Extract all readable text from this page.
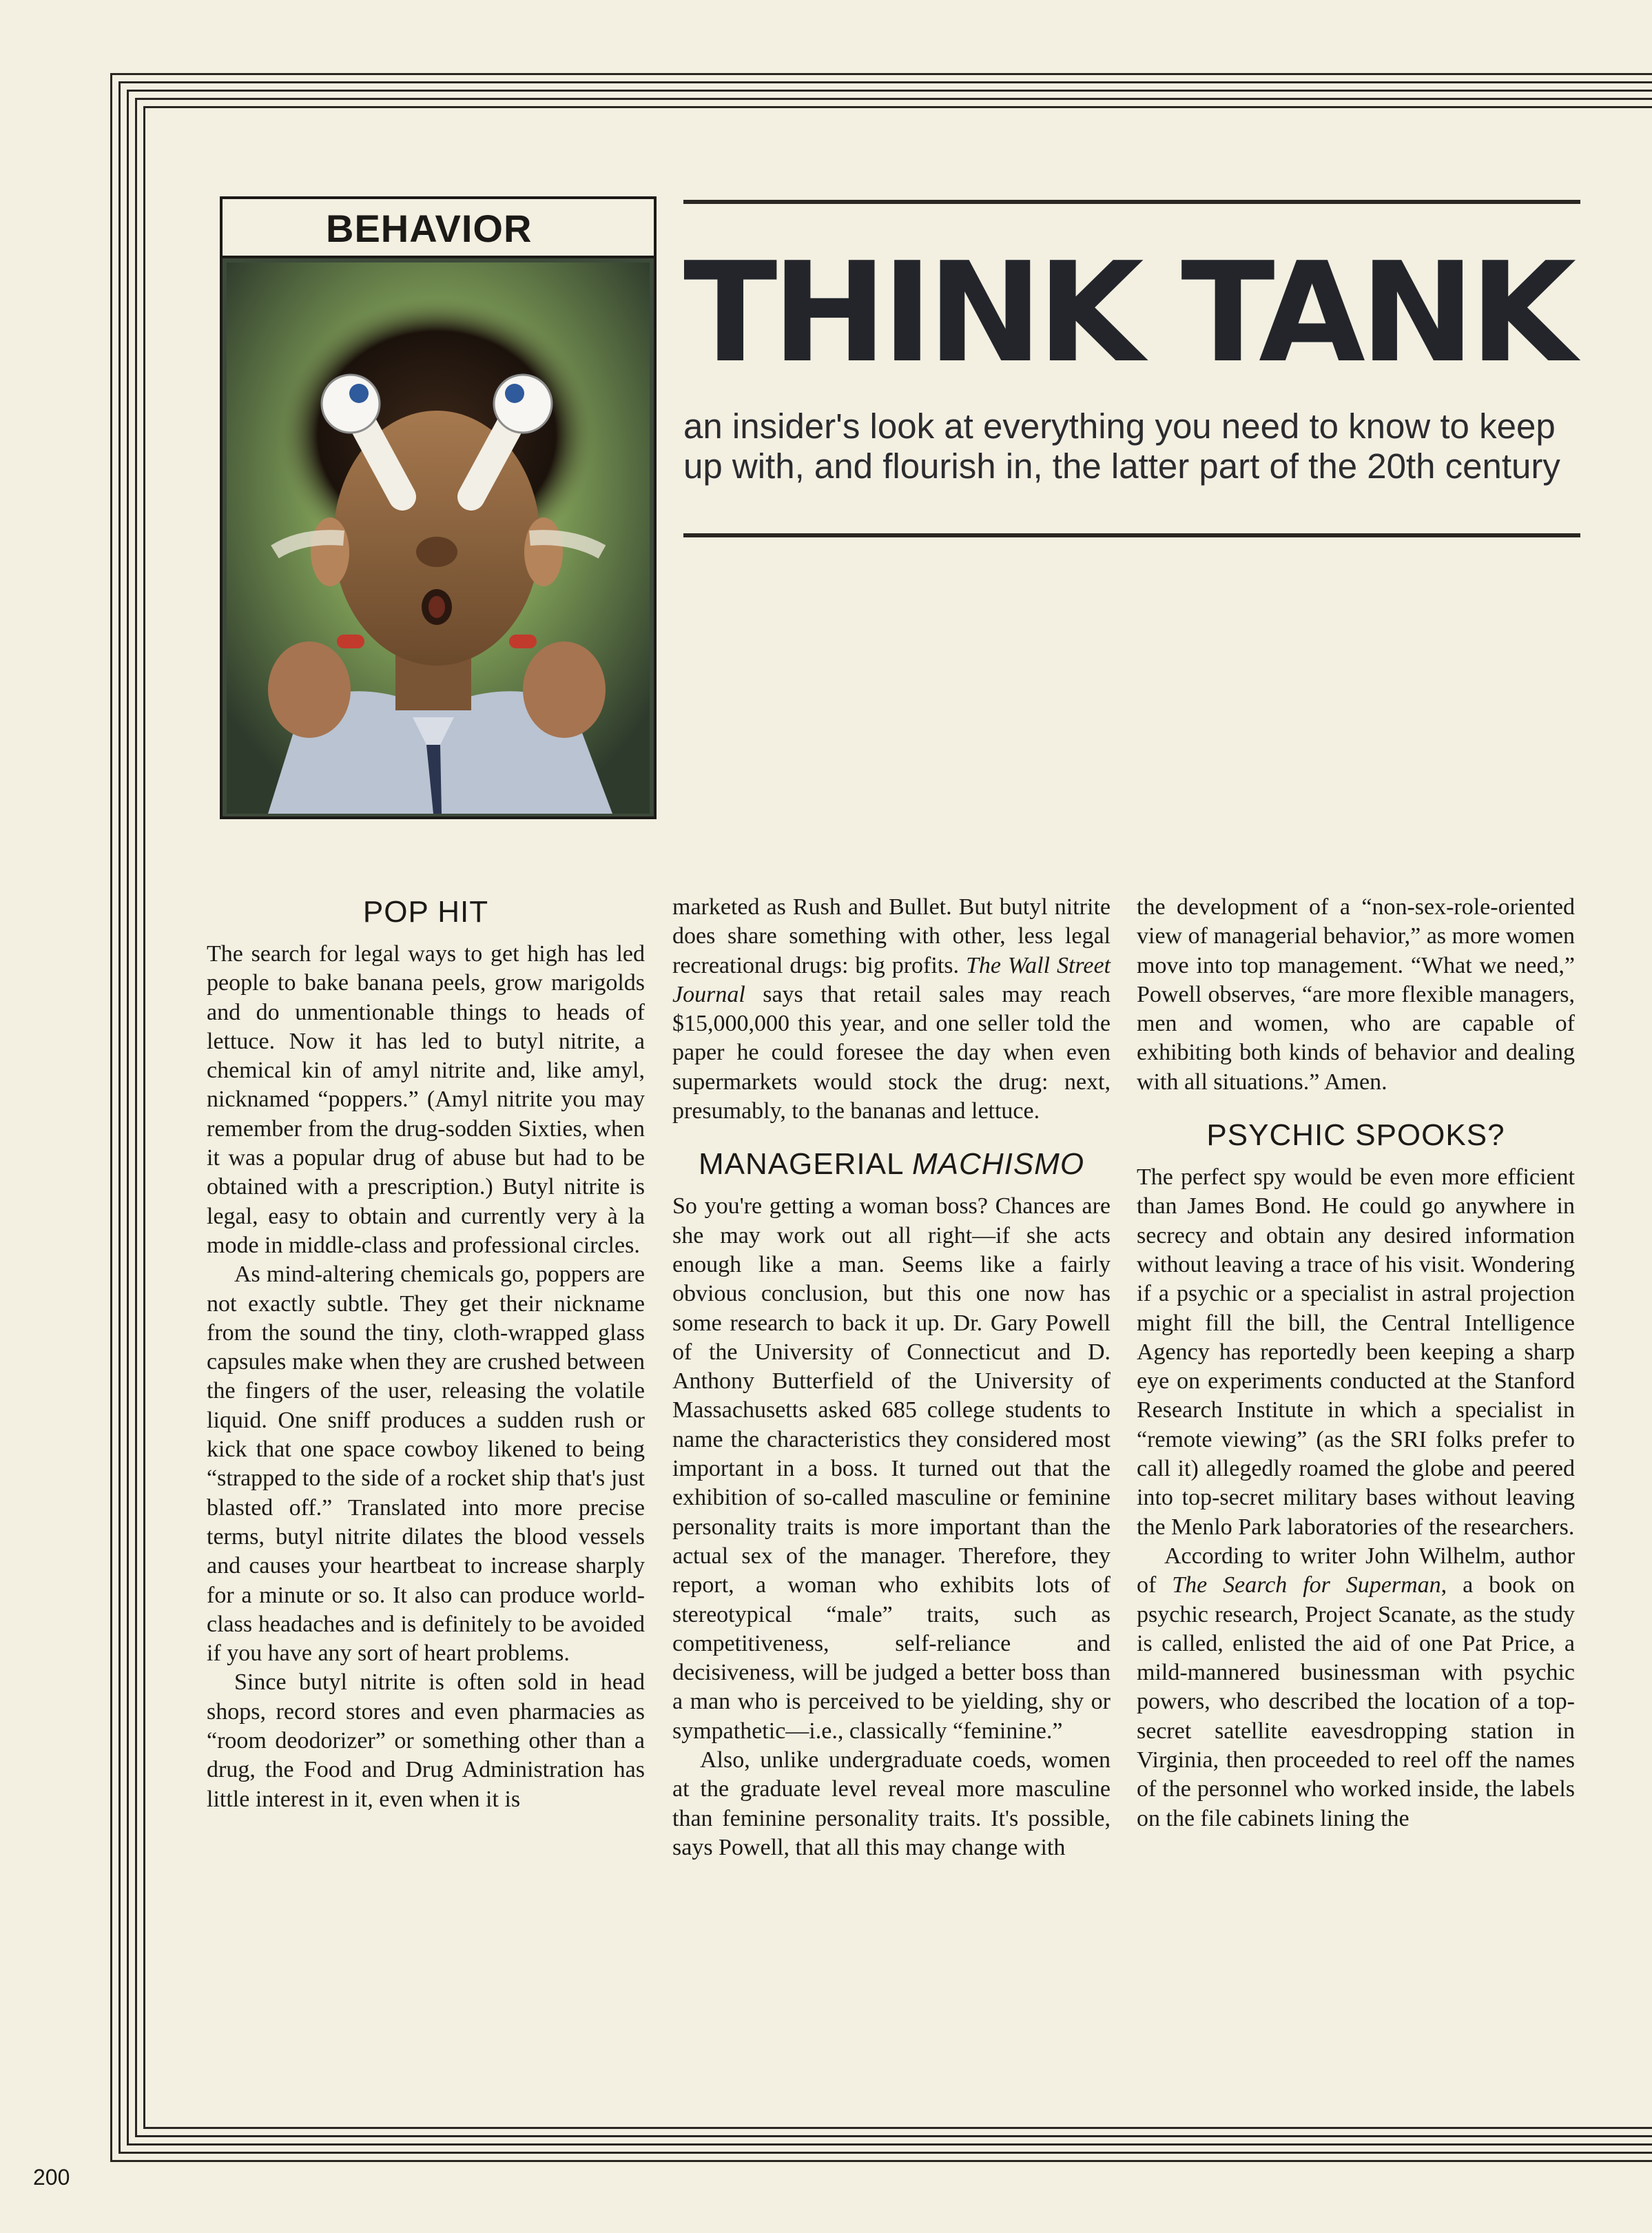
BEHAVIOR
THINK TANK
an insider's look at everything you need to know to keep up with, and flourish in, the latter part of the 20th century
POP HIT

The search for legal ways to get high has led people to bake banana peels, grow marigolds and do unmentionable things to heads of lettuce. Now it has led to butyl nitrite, a chemical kin of amyl nitrite and, like amyl, nicknamed “poppers.” (Amyl nitrite you may remember from the drug-sodden Sixties, when it was a popular drug of abuse but had to be obtained with a prescription.) Butyl nitrite is legal, easy to obtain and currently very à la mode in middle-class and professional circles.

As mind-altering chemicals go, poppers are not exactly subtle. They get their nickname from the sound the tiny, cloth-wrapped glass capsules make when they are crushed between the fingers of the user, releasing the volatile liquid. One sniff produces a sudden rush or kick that one space cowboy likened to being “strapped to the side of a rocket ship that's just blasted off.” Translated into more precise terms, butyl nitrite dilates the blood vessels and causes your heartbeat to increase sharply for a minute or so. It also can produce world-class headaches and is definitely to be avoided if you have any sort of heart problems.

Since butyl nitrite is often sold in head shops, record stores and even pharmacies as “room deodorizer” or something other than a drug, the Food and Drug Administration has little interest in it, even when it is

marketed as Rush and Bullet. But butyl nitrite does share something with other, less legal recreational drugs: big profits. The Wall Street Journal says that retail sales may reach $15,000,000 this year, and one seller told the paper he could foresee the day when even supermarkets would stock the drug: next, presumably, to the bananas and lettuce.

MANAGERIAL MACHISMO

So you're getting a woman boss? Chances are she may work out all right—if she acts enough like a man. Seems like a fairly obvious conclusion, but this one now has some research to back it up. Dr. Gary Powell of the University of Connecticut and D. Anthony Butterfield of the University of Massachusetts asked 685 college students to name the characteristics they considered most important in a boss. It turned out that the exhibition of so-called masculine or feminine personality traits is more important than the actual sex of the manager. Therefore, they report, a woman who exhibits lots of stereotypical “male” traits, such as competitiveness, self-reliance and decisiveness, will be judged a better boss than a man who is perceived to be yielding, shy or sympathetic—i.e., classically “feminine.”

Also, unlike undergraduate coeds, women at the graduate level reveal more masculine than feminine personality traits. It's possible, says Powell, that all this may change with

the development of a “non-sex-role-oriented view of managerial behavior,” as more women move into top management. “What we need,” Powell observes, “are more flexible managers, men and women, who are capable of exhibiting both kinds of behavior and dealing with all situations.” Amen.

PSYCHIC SPOOKS?

The perfect spy would be even more efficient than James Bond. He could go anywhere in secrecy and obtain any desired information without leaving a trace of his visit. Wondering if a psychic or a specialist in astral projection might fill the bill, the Central Intelligence Agency has reportedly been keeping a sharp eye on experiments conducted at the Stanford Research Institute in which a specialist in “remote viewing” (as the SRI folks prefer to call it) allegedly roamed the globe and peered into top-secret military bases without leaving the Menlo Park laboratories of the researchers.

According to writer John Wilhelm, author of The Search for Superman, a book on psychic research, Project Scanate, as the study is called, enlisted the aid of one Pat Price, a mild-mannered businessman with psychic powers, who described the location of a top-secret satellite eavesdropping station in Virginia, then proceeded to reel off the names of the personnel who worked inside, the labels on the file cabinets lining the

200
